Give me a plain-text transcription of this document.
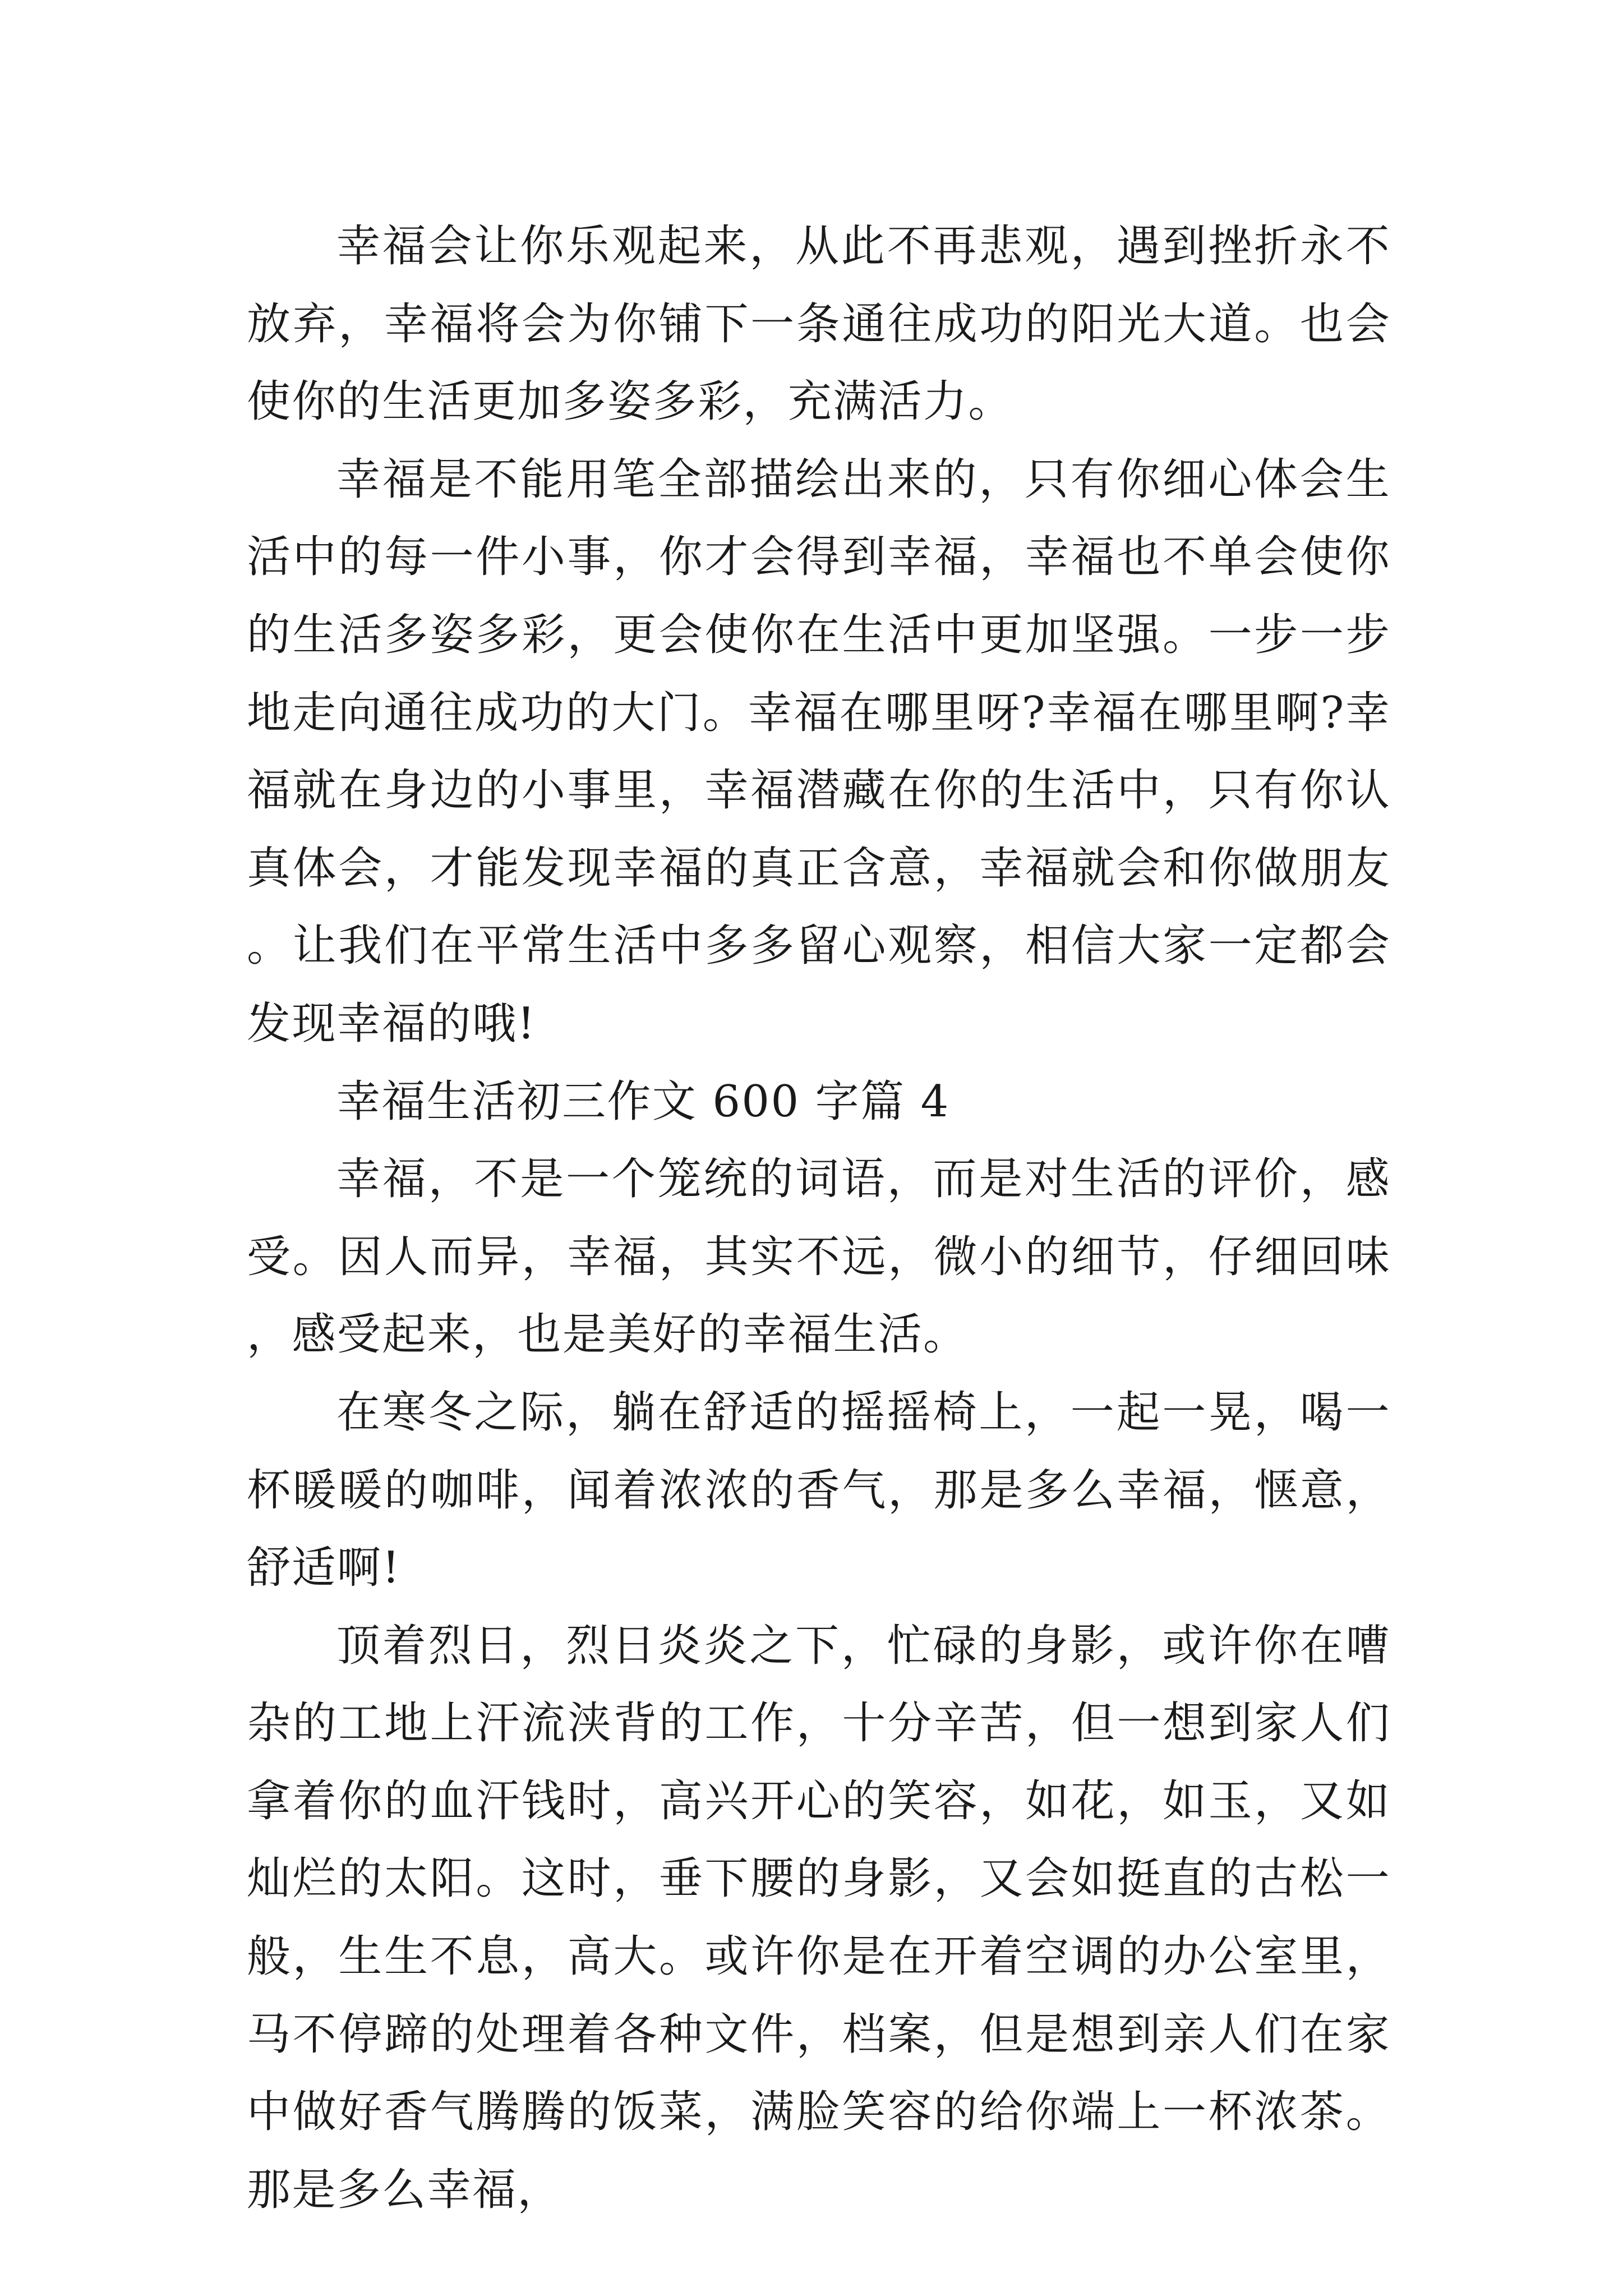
幸福会让你乐观起来，从此不再悲观，遇到挫折永不放弃，幸福将会为你铺下一条通往成功的阳光大道。也会使你的生活更加多姿多彩，充满活力。

幸福是不能用笔全部描绘出来的，只有你细心体会生活中的每一件小事，你才会得到幸福，幸福也不单会使你的生活多姿多彩，更会使你在生活中更加坚强。一步一步地走向通往成功的大门。幸福在哪里呀?幸福在哪里啊?幸福就在身边的小事里，幸福潜藏在你的生活中，只有你认真体会，才能发现幸福的真正含意，幸福就会和你做朋友。让我们在平常生活中多多留心观察，相信大家一定都会发现幸福的哦!

幸福生活初三作文 600 字篇 4

幸福，不是一个笼统的词语，而是对生活的评价，感受。因人而异，幸福，其实不远，微小的细节，仔细回味，感受起来，也是美好的幸福生活。

在寒冬之际，躺在舒适的摇摇椅上，一起一晃，喝一杯暖暖的咖啡，闻着浓浓的香气，那是多么幸福，惬意，舒适啊!

顶着烈日，烈日炎炎之下，忙碌的身影，或许你在嘈杂的工地上汗流浃背的工作，十分辛苦，但一想到家人们拿着你的血汗钱时，高兴开心的笑容，如花，如玉，又如灿烂的太阳。这时，垂下腰的身影，又会如挺直的古松一般，生生不息，高大。或许你是在开着空调的办公室里，马不停蹄的处理着各种文件，档案，但是想到亲人们在家中做好香气腾腾的饭菜，满脸笑容的给你端上一杯浓茶。那是多么幸福，
